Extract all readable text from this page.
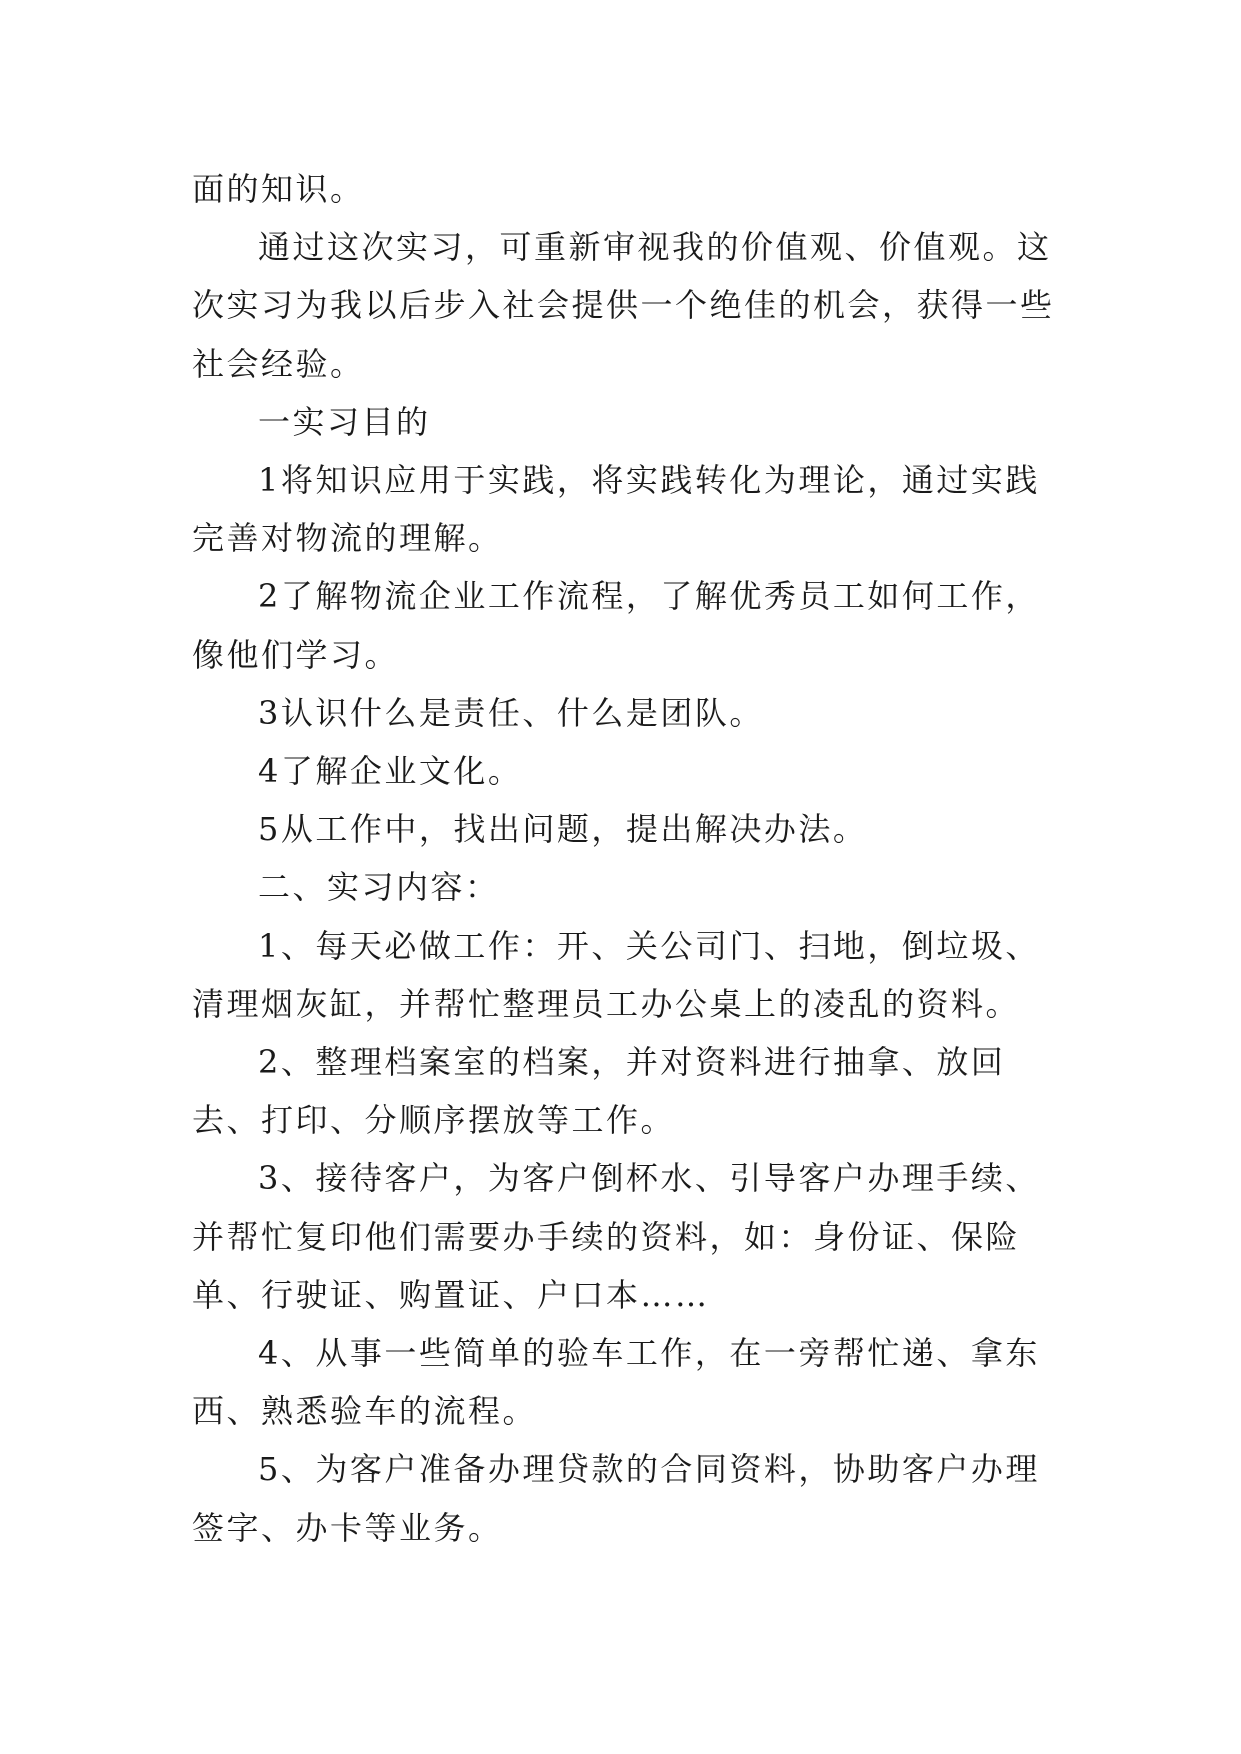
面的知识。

通过这次实习，可重新审视我的价值观、价值观。这次实习为我以后步入社会提供一个绝佳的机会，获得一些社会经验。

一实习目的

1将知识应用于实践，将实践转化为理论，通过实践完善对物流的理解。

2了解物流企业工作流程，了解优秀员工如何工作，像他们学习。

3认识什么是责任、什么是团队。

4了解企业文化。

5从工作中，找出问题，提出解决办法。

二、实习内容：

1、每天必做工作：开、关公司门、扫地，倒垃圾、清理烟灰缸，并帮忙整理员工办公桌上的凌乱的资料。

2、整理档案室的档案，并对资料进行抽拿、放回去、打印、分顺序摆放等工作。

3、接待客户，为客户倒杯水、引导客户办理手续、并帮忙复印他们需要办手续的资料，如：身份证、保险单、行驶证、购置证、户口本……

4、从事一些简单的验车工作，在一旁帮忙递、拿东西、熟悉验车的流程。

5、为客户准备办理贷款的合同资料，协助客户办理签字、办卡等业务。
